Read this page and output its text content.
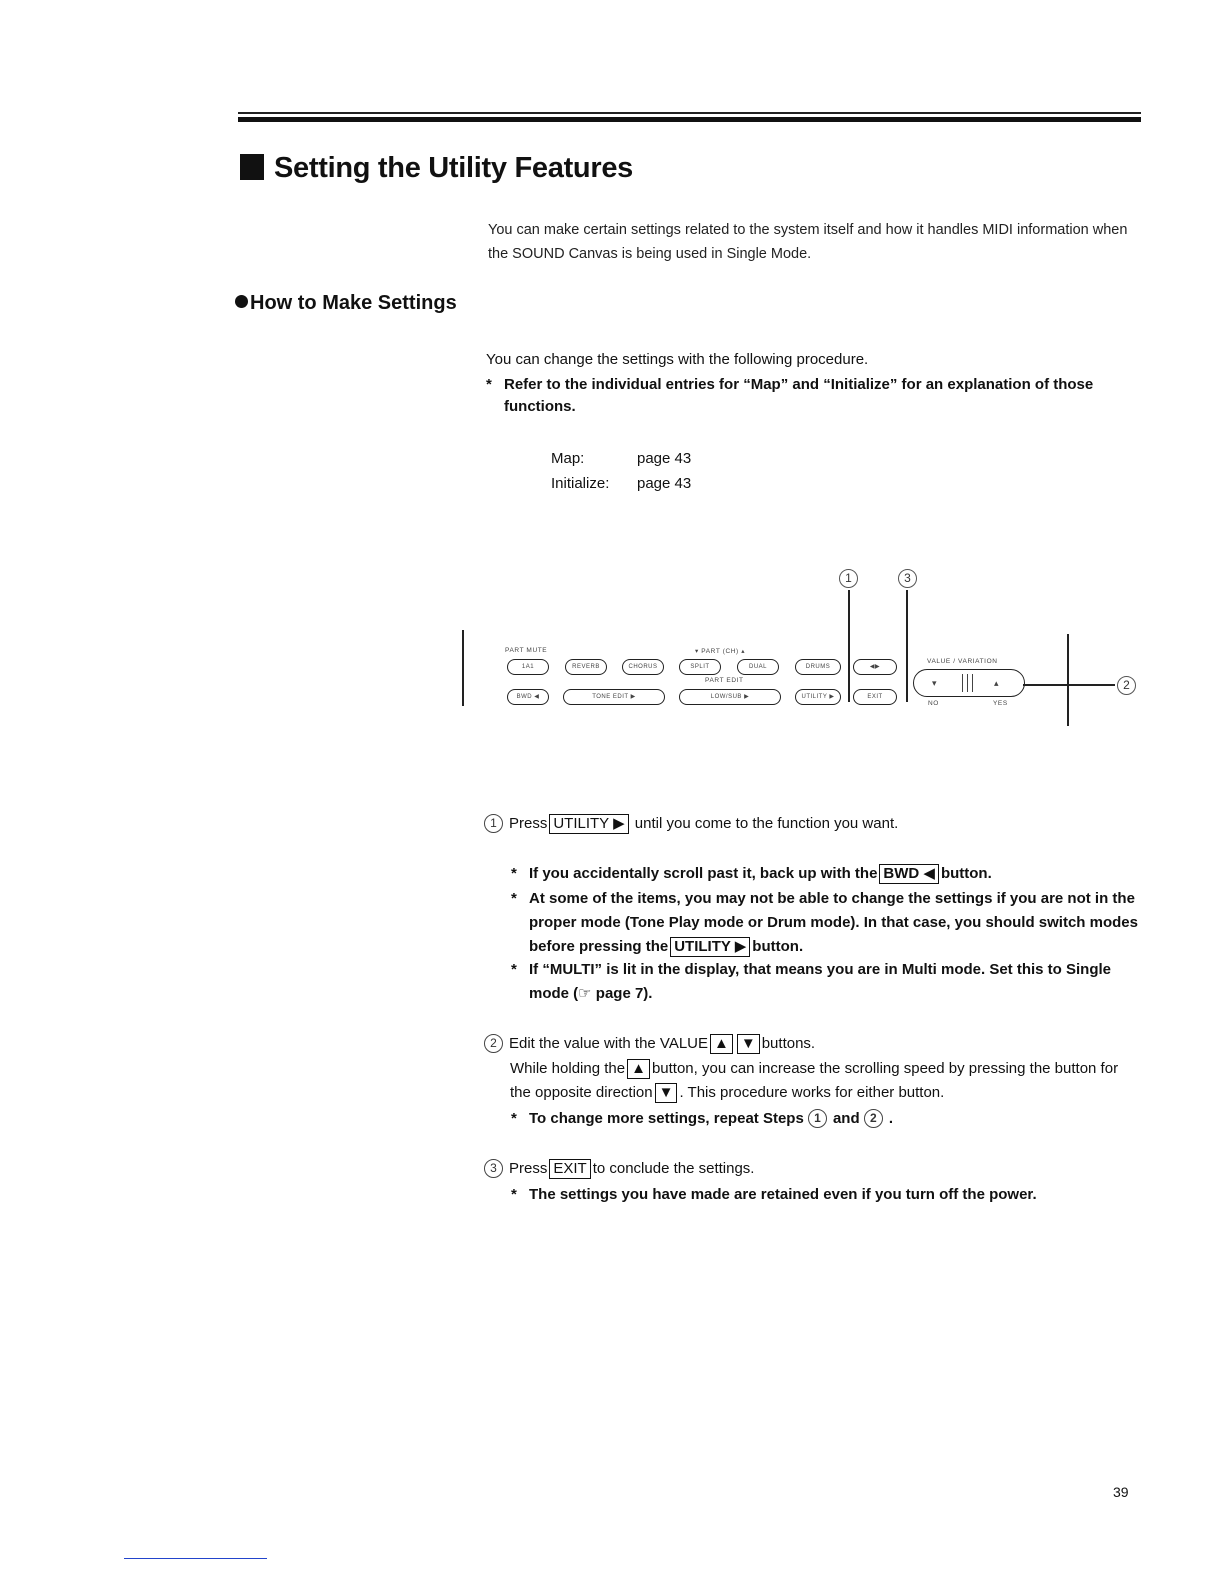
Setting the Utility Features
You can make certain settings related to the system itself and how it handles MIDI information when the SOUND Canvas is being used in Single Mode.
How to Make Settings
You can change the settings with the following procedure.
* Refer to the individual entries for “Map” and “Initialize” for an explanation of those
functions.
Map:	page 43
Initialize:	page 43
PART MUTE	▾ PART (CH) ▴
PART EDIT
VALUE / VARIATION
NO	YES
1A1	REVERB	CHORUS	SPLIT	DUAL	DRUMS	◀▶
BWD ◀	TONE EDIT ▶	LOW/SUB ▶	UTILITY ▶	EXIT
▾	▴
1	3
2
1 Press UTILITY ▶ until you come to the function you want.
* If you accidentally scroll past it, back up with the BWD ◀ button.
* At some of the items, you may not be able to change the settings if you are not in the
proper mode (Tone Play mode or Drum mode). In that case, you should switch modes
before pressing the UTILITY ▶ button.
* If “MULTI” is lit in the display, that means you are in Multi mode. Set this to Single
mode (☞ page 7).
2 Edit the value with the VALUE ▲ ▼ buttons.
While holding the ▲ button, you can increase the scrolling speed by pressing the button for
the opposite direction ▼ . This procedure works for either button.
* To change more settings, repeat Steps 1 and 2 .
3 Press EXIT to conclude the settings.
* The settings you have made are retained even if you turn off the power.
39
